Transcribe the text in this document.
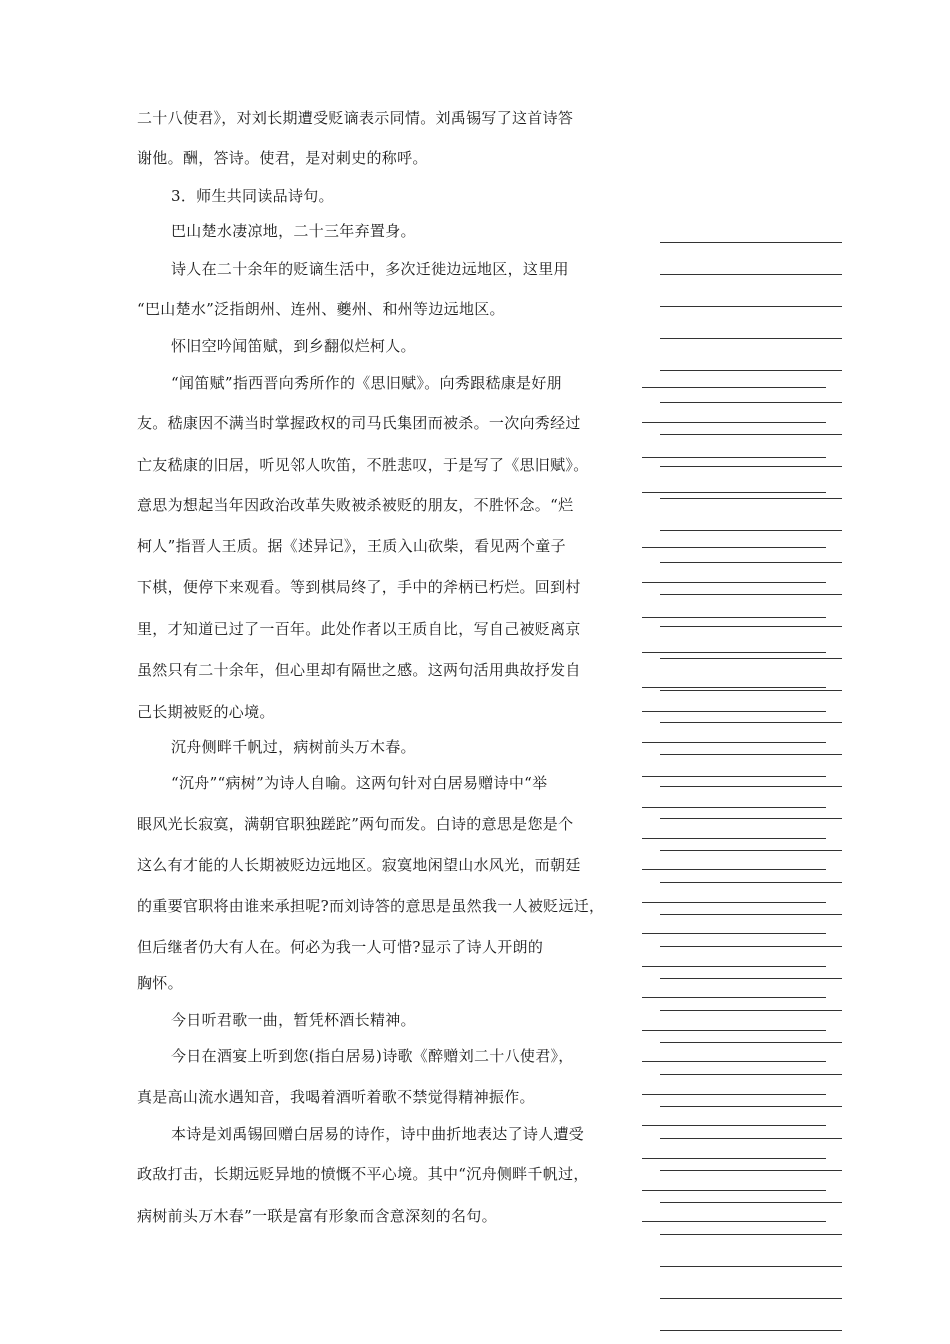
二十八使君》，对刘长期遭受贬谪表示同情。刘禹锡写了这首诗答
谢他。酬，答诗。使君，是对刺史的称呼。
3．师生共同读品诗句。
巴山楚水凄凉地，二十三年弃置身。
诗人在二十余年的贬谪生活中，多次迁徙边远地区，这里用
“巴山楚水”泛指朗州、连州、夔州、和州等边远地区。
怀旧空吟闻笛赋，到乡翻似烂柯人。
“闻笛赋”指西晋向秀所作的《思旧赋》。向秀跟嵇康是好朋
友。嵇康因不满当时掌握政权的司马氏集团而被杀。一次向秀经过
亡友嵇康的旧居，听见邻人吹笛，不胜悲叹，于是写了《思旧赋》。
意思为想起当年因政治改革失败被杀被贬的朋友，不胜怀念。“烂
柯人”指晋人王质。据《述异记》，王质入山砍柴，看见两个童子
下棋，便停下来观看。等到棋局终了，手中的斧柄已朽烂。回到村
里，才知道已过了一百年。此处作者以王质自比，写自己被贬离京
虽然只有二十余年，但心里却有隔世之感。这两句活用典故抒发自
己长期被贬的心境。
沉舟侧畔千帆过，病树前头万木春。
“沉舟”“病树”为诗人自喻。这两句针对白居易赠诗中“举
眼风光长寂寞，满朝官职独蹉跎”两句而发。白诗的意思是您是个
这么有才能的人长期被贬边远地区。寂寞地闲望山水风光，而朝廷
的重要官职将由谁来承担呢?而刘诗答的意思是虽然我一人被贬远迁，
但后继者仍大有人在。何必为我一人可惜?显示了诗人开朗的
胸怀。
今日听君歌一曲，暂凭杯酒长精神。
今日在酒宴上听到您(指白居易)诗歌《醉赠刘二十八使君》，
真是高山流水遇知音，我喝着酒听着歌不禁觉得精神振作。
本诗是刘禹锡回赠白居易的诗作，诗中曲折地表达了诗人遭受
政敌打击，长期远贬异地的愤慨不平心境。其中“沉舟侧畔千帆过，
病树前头万木春”一联是富有形象而含意深刻的名句。
